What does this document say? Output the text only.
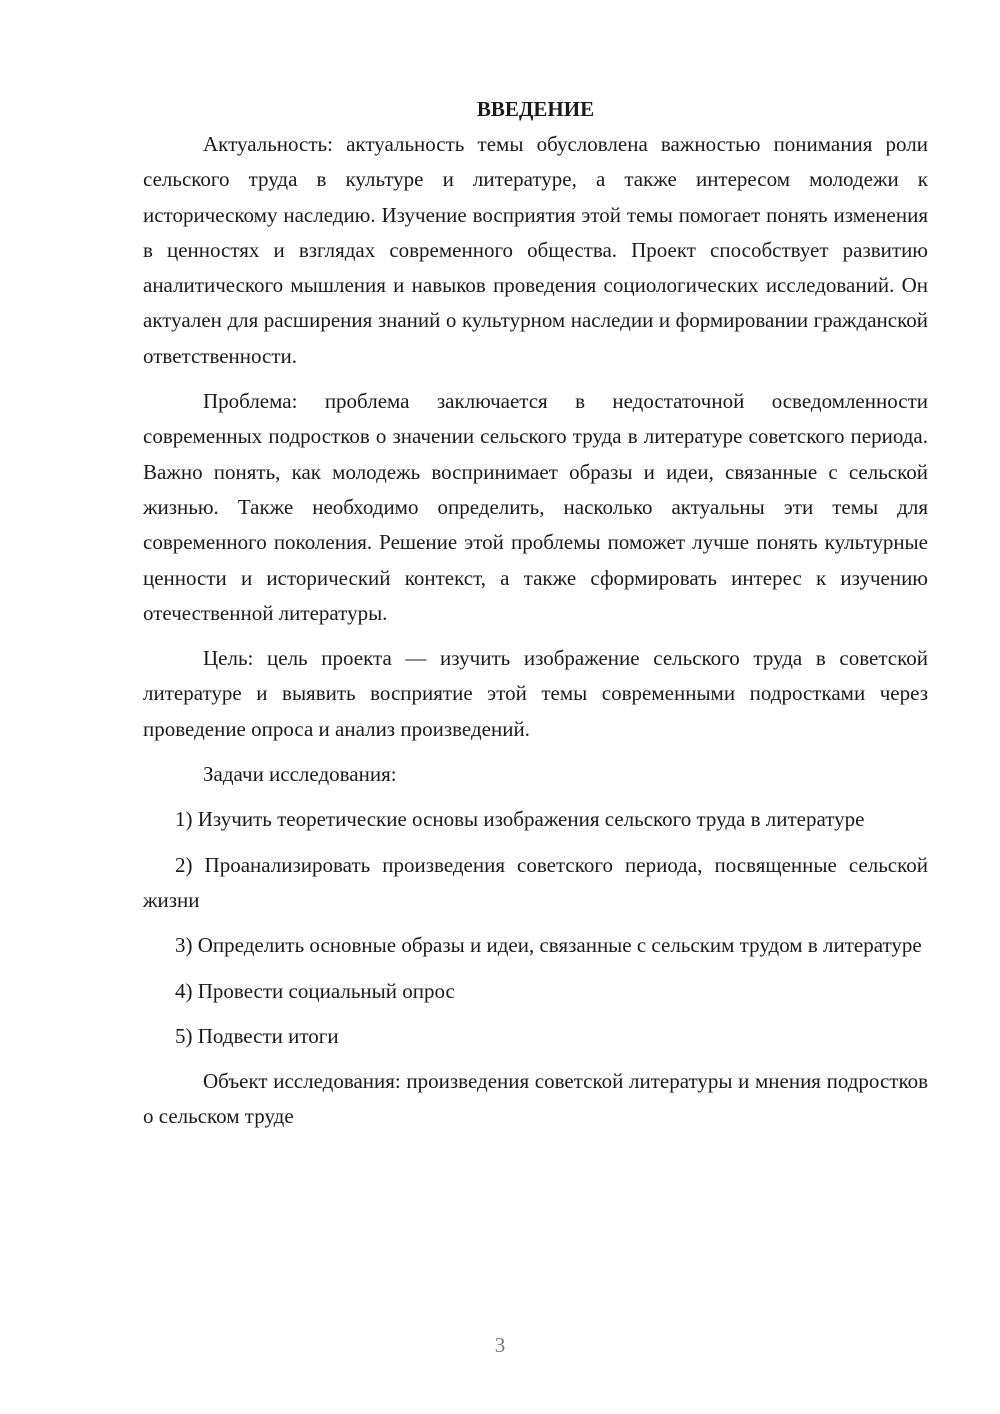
ВВЕДЕНИЕ

Актуальность: актуальность темы обусловлена важностью понимания роли сельского труда в культуре и литературе, а также интересом молодежи к историческому наследию. Изучение восприятия этой темы помогает понять изменения в ценностях и взглядах современного общества. Проект способствует развитию аналитического мышления и навыков проведения социологических исследований. Он актуален для расширения знаний о культурном наследии и формировании гражданской ответственности.

Проблема: проблема заключается в недостаточной осведомленности современных подростков о значении сельского труда в литературе советского периода. Важно понять, как молодежь воспринимает образы и идеи, связанные с сельской жизнью. Также необходимо определить, насколько актуальны эти темы для современного поколения. Решение этой проблемы поможет лучше понять культурные ценности и исторический контекст, а также сформировать интерес к изучению отечественной литературы.

Цель: цель проекта — изучить изображение сельского труда в советской литературе и выявить восприятие этой темы современными подростками через проведение опроса и анализ произведений.

Задачи исследования:

1) Изучить теоретические основы изображения сельского труда в литературе

2) Проанализировать произведения советского периода, посвященные сельской жизни

3) Определить основные образы и идеи, связанные с сельским трудом в литературе

4) Провести социальный опрос

5) Подвести итоги

Объект исследования: произведения советской литературы и мнения подростков о сельском труде

3
